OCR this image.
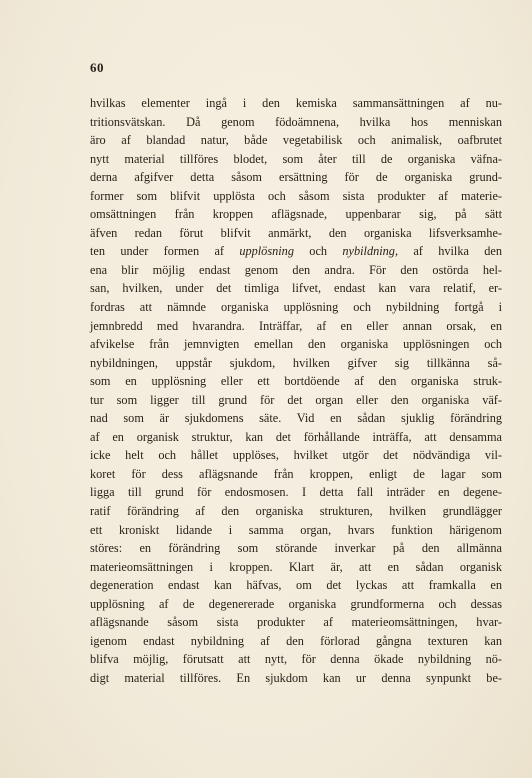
60
hvilkas elementer ingå i den kemiska sammansättningen af nu-
tritionsvätskan. Då genom födoämnena, hvilka hos menniskan
äro af blandad natur, både vegetabilisk och animalisk, oafbrutet
nytt material tillföres blodet, som åter till de organiska väfna-
derna afgifver detta såsom ersättning för de organiska grund-
former som blifvit upplösta och såsom sista produkter af materie-
omsättningen från kroppen aflägsnade, uppenbarar sig, på sätt
äfven redan förut blifvit anmärkt, den organiska lifsverksamhe-
ten under formen af upplösning och nybildning, af hvilka den
ena blir möjlig endast genom den andra. För den ostörda hel-
san, hvilken, under det timliga lifvet, endast kan vara relatif, er-
fordras att nämnde organiska upplösning och nybildning fortgå i
jemnbredd med hvarandra. Inträffar, af en eller annan orsak, en
afvikelse från jemnvigten emellan den organiska upplösningen och
nybildningen, uppstår sjukdom, hvilken gifver sig tillkänna så-
som en upplösning eller ett bortdöende af den organiska struk-
tur som ligger till grund för det organ eller den organiska väf-
nad som är sjukdomens säte. Vid en sådan sjuklig förändring
af en organisk struktur, kan det förhållande inträffa, att densamma
icke helt och hållet upplöses, hvilket utgör det nödvändiga vil-
koret för dess aflägsnande från kroppen, enligt de lagar som
ligga till grund för endosmosen. I detta fall inträder en degene-
ratif förändring af den organiska strukturen, hvilken grundlägger
ett kroniskt lidande i samma organ, hvars funktion härigenom
störes: en förändring som störande inverkar på den allmänna
materieomsättningen i kroppen. Klart är, att en sådan organisk
degeneration endast kan häfvas, om det lyckas att framkalla en
upplösning af de degenererade organiska grundformerna och dessas
aflägsnande såsom sista produkter af materieomsättningen, hvar-
igenom endast nybildning af den förlorad gångna texturen kan
blifva möjlig, förutsatt att nytt, för denna ökade nybildning nö-
digt material tillföres. En sjukdom kan ur denna synpunkt be-
